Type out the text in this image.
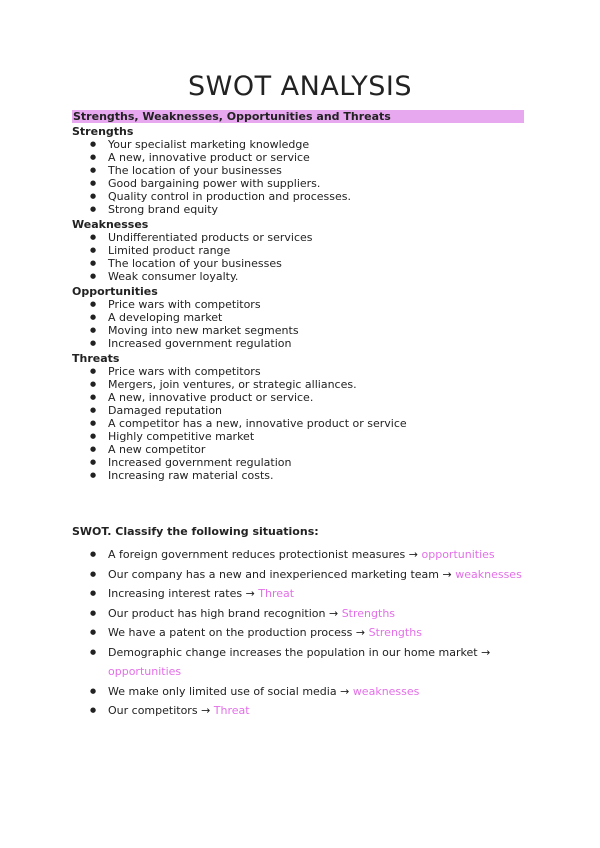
SWOT ANALYSIS
Strengths, Weaknesses, Opportunities and Threats
Strengths
● Your specialist marketing knowledge
● A new, innovative product or service
● The location of your businesses
● Good bargaining power with suppliers.
● Quality control in production and processes.
● Strong brand equity
Weaknesses
● Undifferentiated products or services
● Limited product range
● The location of your businesses
● Weak consumer loyalty.
Opportunities
● Price wars with competitors
● A developing market
● Moving into new market segments
● Increased government regulation
Threats
● Price wars with competitors
● Mergers, join ventures, or strategic alliances.
● A new, innovative product or service.
● Damaged reputation
● A competitor has a new, innovative product or service
● Highly competitive market
● A new competitor
● Increased government regulation
● Increasing raw material costs.
SWOT. Classify the following situations:
● A foreign government reduces protectionist measures → opportunities
● Our company has a new and inexperienced marketing team → weaknesses
● Increasing interest rates → Threat
● Our product has high brand recognition → Strengths
● We have a patent on the production process → Strengths
● Demographic change increases the population in our home market → opportunities
● We make only limited use of social media → weaknesses
● Our competitors → Threat
